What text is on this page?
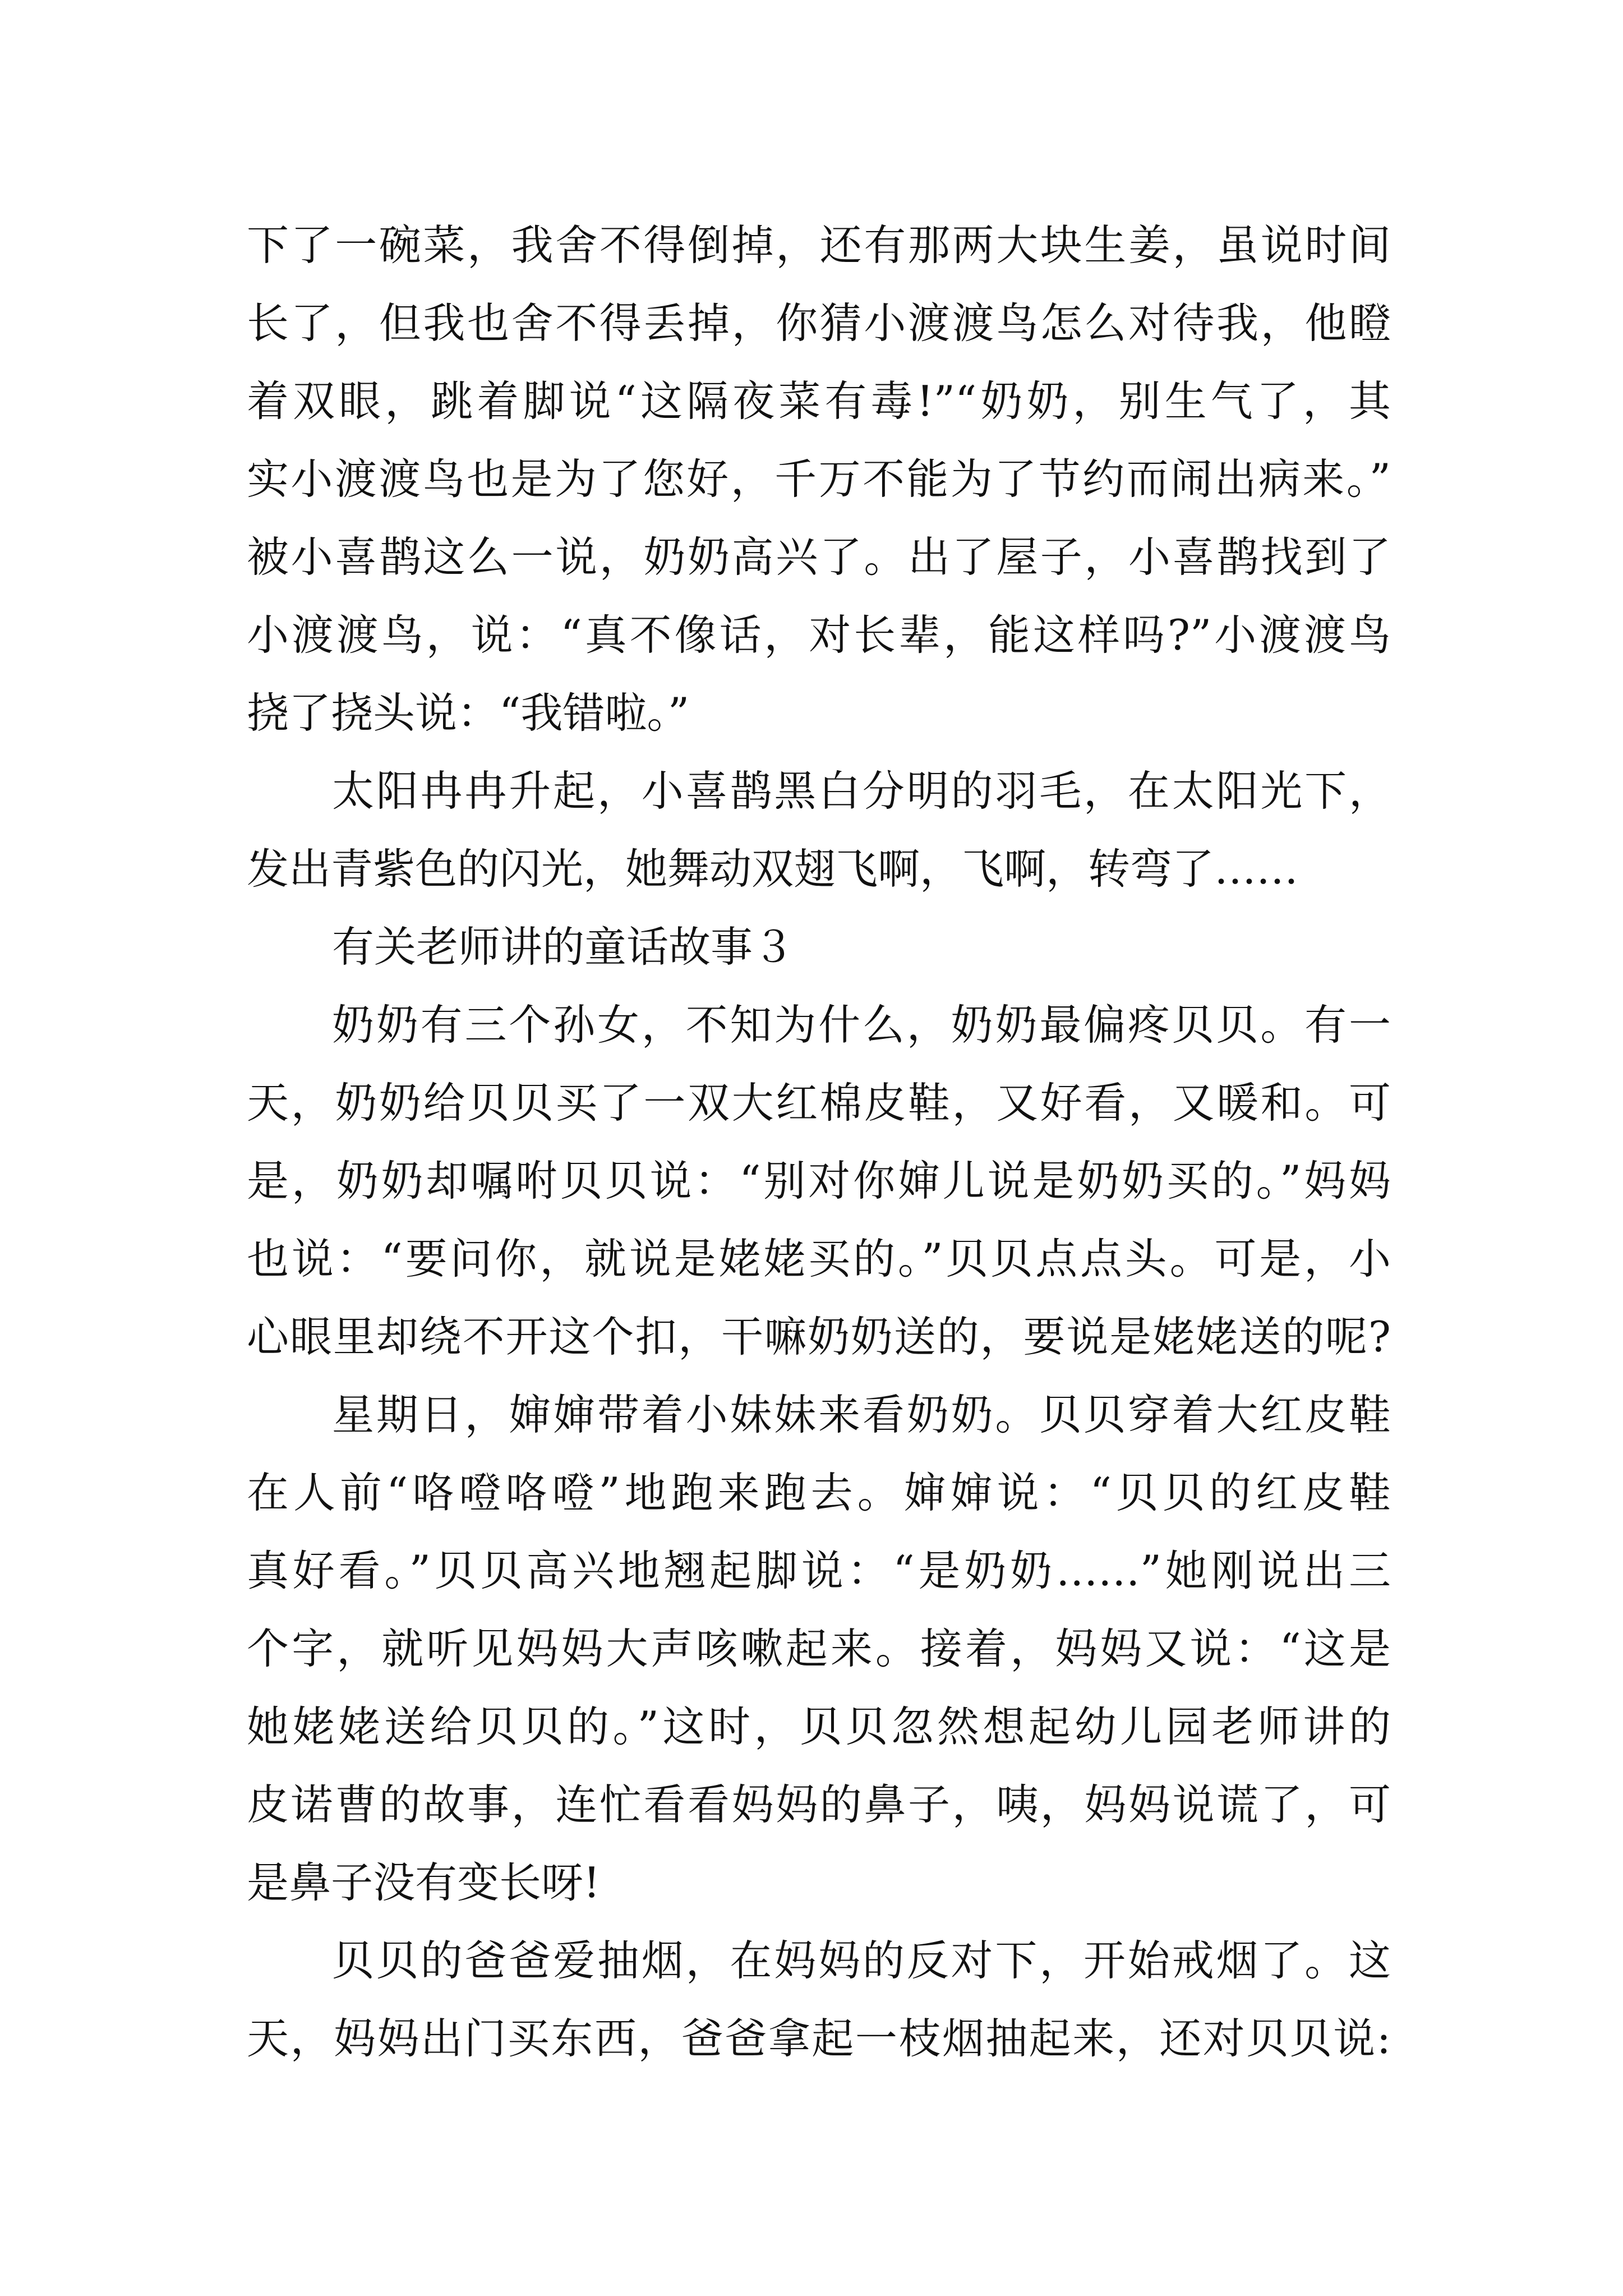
下了一碗菜，我舍不得倒掉，还有那两大块生姜，虽说时间
长了，但我也舍不得丢掉，你猜小渡渡鸟怎么对待我，他瞪
着双眼，跳着脚说“这隔夜菜有毒!”“奶奶，别生气了，其
实小渡渡鸟也是为了您好，千万不能为了节约而闹出病来。”
被小喜鹊这么一说，奶奶高兴了。出了屋子，小喜鹊找到了
小渡渡鸟，说：“真不像话，对长辈，能这样吗?”小渡渡鸟
挠了挠头说：“我错啦。”
太阳冉冉升起，小喜鹊黑白分明的羽毛，在太阳光下，
发出青紫色的闪光，她舞动双翅飞啊，飞啊，转弯了……
有关老师讲的童话故事３
奶奶有三个孙女，不知为什么，奶奶最偏疼贝贝。有一
天，奶奶给贝贝买了一双大红棉皮鞋，又好看，又暖和。可
是，奶奶却嘱咐贝贝说：“别对你婶儿说是奶奶买的。”妈妈
也说：“要问你，就说是姥姥买的。”贝贝点点头。可是，小
心眼里却绕不开这个扣，干嘛奶奶送的，要说是姥姥送的呢?
星期日，婶婶带着小妹妹来看奶奶。贝贝穿着大红皮鞋
在人前“咯噔咯噔”地跑来跑去。婶婶说：“贝贝的红皮鞋
真好看。”贝贝高兴地翘起脚说：“是奶奶……”她刚说出三
个字，就听见妈妈大声咳嗽起来。接着，妈妈又说：“这是
她姥姥送给贝贝的。”这时，贝贝忽然想起幼儿园老师讲的
皮诺曹的故事，连忙看看妈妈的鼻子，咦，妈妈说谎了，可
是鼻子没有变长呀!
贝贝的爸爸爱抽烟，在妈妈的反对下，开始戒烟了。这
天，妈妈出门买东西，爸爸拿起一枝烟抽起来，还对贝贝说:
